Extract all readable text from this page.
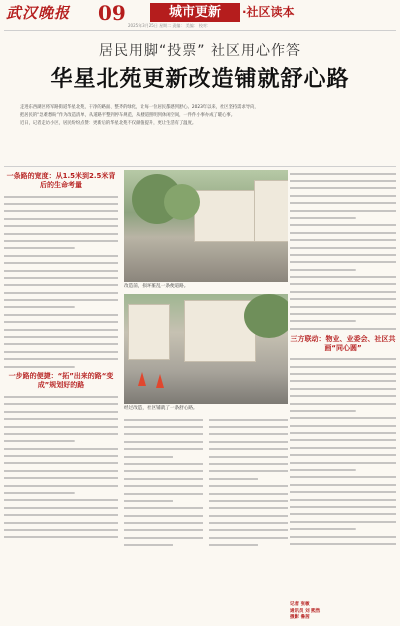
武汉晚报 09	城市更新	·社区读本
2025年3月25日 星期二 责编： 美编： 校对：
居民用脚“投票” 社区用心作答
华星北苑更新改造铺就舒心路
走进东西湖区将军路街道华星北苑，干净的路面、整齐的绿化，让每一位居民都感到舒心。2023年以来，社区坚持需求导向，
把居民的“急难愁盼”作为改造清单，从道路平整到停车规范，从楼道照明到休闲空间，一件件小事办成了暖心事。
近日，记者走访小区，居民纷纷点赞：更新后的华星北苑不仅颜值提升，更让生活有了温度。
一条路的宽度：从1.5米到2.5米背后的生命考量
一步路的便捷：“拓”出来的路“变成”规划好的路
改造前，损坏脏乱一条便道路。
经过改造，社区铺就了一条舒心路。
三方联动：物业、业委会、社区共画“同心圆”
记者 张敏
通讯员 刘 熙然
摄影 鲁茜
